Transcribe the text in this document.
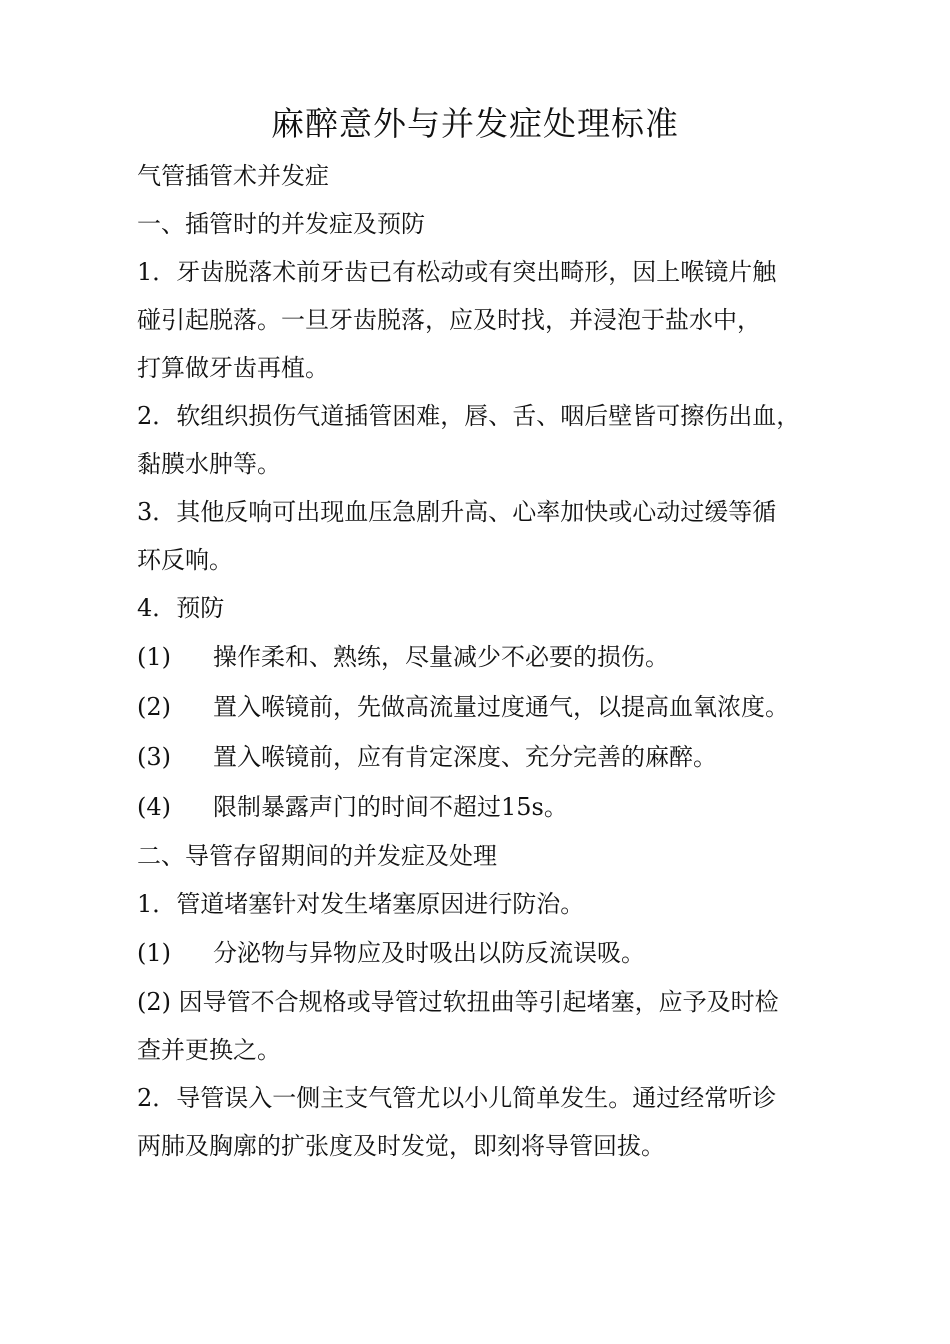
麻醉意外与并发症处理标准

气管插管术并发症

一、插管时的并发症及预防

1．牙齿脱落术前牙齿已有松动或有突出畸形，因上喉镜片触

碰引起脱落。一旦牙齿脱落，应及时找，并浸泡于盐水中，

打算做牙齿再植。

2．软组织损伤气道插管困难，唇、舌、咽后壁皆可擦伤出血，

黏膜水肿等。

3．其他反响可出现血压急剧升高、心率加快或心动过缓等循

环反响。

4．预防

(1)	操作柔和、熟练，尽量减少不必要的损伤。
(2)	置入喉镜前，先做高流量过度通气，以提高血氧浓度。
(3)	置入喉镜前，应有肯定深度、充分完善的麻醉。
(4)	限制暴露声门的时间不超过15s。

二、导管存留期间的并发症及处理

1．管道堵塞针对发生堵塞原因进行防治。

(1)	分泌物与异物应及时吸出以防反流误吸。

(2) 因导管不合规格或导管过软扭曲等引起堵塞，应予及时检

查并更换之。

2．导管误入一侧主支气管尤以小儿简单发生。通过经常听诊

两肺及胸廓的扩张度及时发觉，即刻将导管回拔。
